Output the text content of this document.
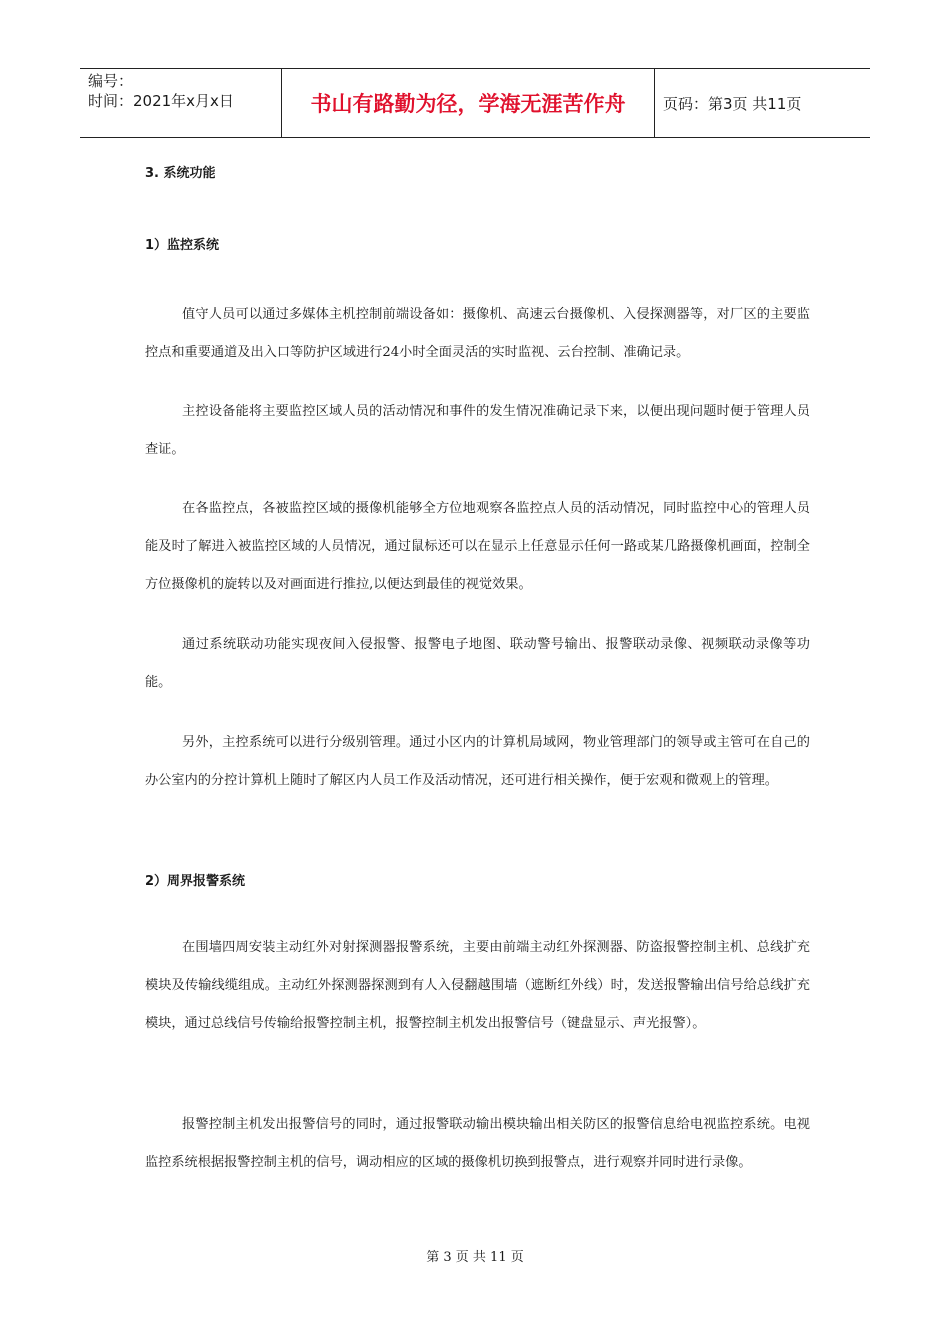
编号：
时间：2021年x月x日	书山有路勤为径，学海无涯苦作舟	页码：第3页 共11页
3. 系统功能
1）监控系统
值守人员可以通过多媒体主机控制前端设备如：摄像机、高速云台摄像机、入侵探测器等，对厂区的主要监控点和重要通道及出入口等防护区域进行24小时全面灵活的实时监视、云台控制、准确记录。
主控设备能将主要监控区域人员的活动情况和事件的发生情况准确记录下来，以便出现问题时便于管理人员查证。
在各监控点，各被监控区域的摄像机能够全方位地观察各监控点人员的活动情况，同时监控中心的管理人员能及时了解进入被监控区域的人员情况，通过鼠标还可以在显示上任意显示任何一路或某几路摄像机画面，控制全方位摄像机的旋转以及对画面进行推拉,以便达到最佳的视觉效果。
通过系统联动功能实现夜间入侵报警、报警电子地图、联动警号输出、报警联动录像、视频联动录像等功能。
另外，主控系统可以进行分级别管理。通过小区内的计算机局域网，物业管理部门的领导或主管可在自己的办公室内的分控计算机上随时了解区内人员工作及活动情况，还可进行相关操作，便于宏观和微观上的管理。
2）周界报警系统
在围墙四周安装主动红外对射探测器报警系统，主要由前端主动红外探测器、防盗报警控制主机、总线扩充模块及传输线缆组成。主动红外探测器探测到有人入侵翻越围墙（遮断红外线）时，发送报警输出信号给总线扩充模块，通过总线信号传输给报警控制主机，报警控制主机发出报警信号（键盘显示、声光报警）。
报警控制主机发出报警信号的同时，通过报警联动输出模块输出相关防区的报警信息给电视监控系统。电视监控系统根据报警控制主机的信号，调动相应的区域的摄像机切换到报警点，进行观察并同时进行录像。
第 3 页 共 11 页
